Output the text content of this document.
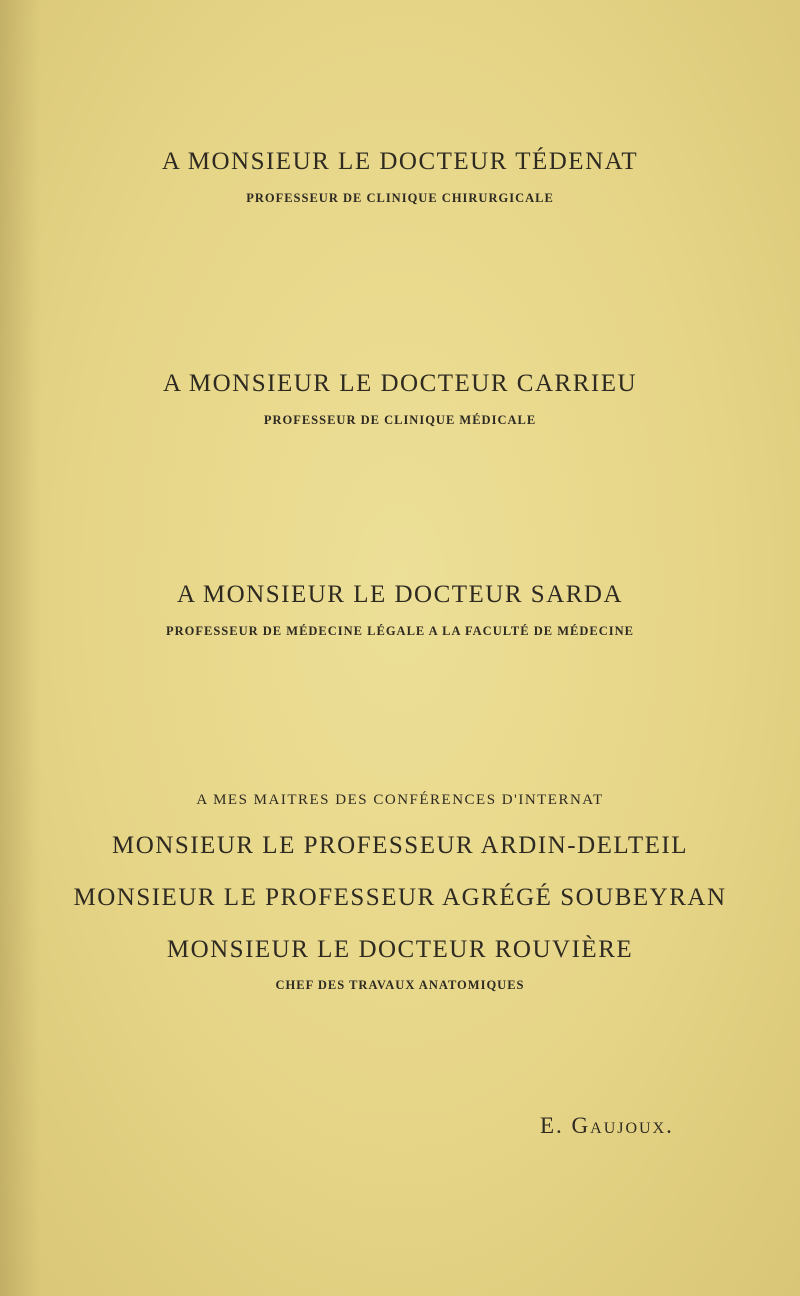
A MONSIEUR LE DOCTEUR TÉDENAT
PROFESSEUR DE CLINIQUE CHIRURGICALE
A MONSIEUR LE DOCTEUR CARRIEU
PROFESSEUR DE CLINIQUE MÉDICALE
A MONSIEUR LE DOCTEUR SARDA
PROFESSEUR DE MÉDECINE LÉGALE A LA FACULTÉ DE MÉDECINE
A MES MAITRES DES CONFÉRENCES D'INTERNAT
MONSIEUR LE PROFESSEUR ARDIN-DELTEIL
MONSIEUR LE PROFESSEUR AGRÉGÉ SOUBEYRAN
MONSIEUR LE DOCTEUR ROUVIÈRE
CHEF DES TRAVAUX ANATOMIQUES
E. Gaujoux.
